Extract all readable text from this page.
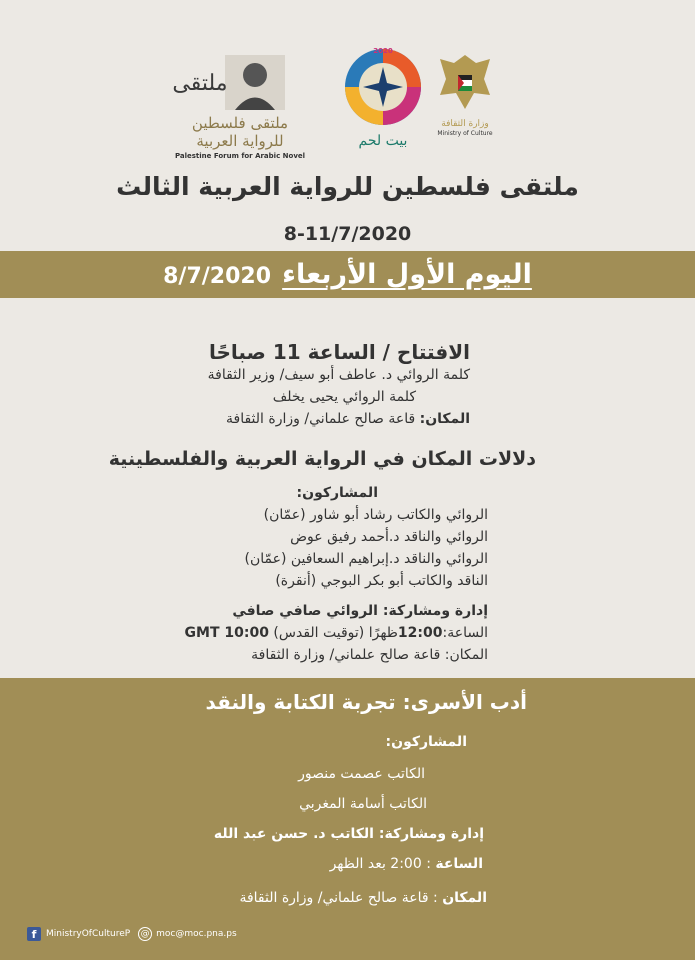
ملتقى
ملتقى فلسطين للرواية العربية
Palestine Forum for Arabic Novel
2020
بيت لحم
وزارة الثقافة
Ministry of Culture
ملتقى فلسطين للرواية العربية الثالث
8-11/7/2020
اليوم الأول الأربعاء 8/7/2020
الافتتاح / الساعة 11 صباحًا
كلمة الروائي د. عاطف أبو سيف/ وزير الثقافة
كلمة الروائي يحيى يخلف
المكان: قاعة صالح علماني/ وزارة الثقافة
دلالات المكان في الرواية العربية والفلسطينية
المشاركون:
الروائي والكاتب رشاد أبو شاور (عمّان)
الروائي والناقد د.أحمد رفيق عوض
الروائي والناقد د.إبراهيم السعافين (عمّان)
الناقد والكاتب أبو بكر البوجي (أنقرة)
إدارة ومشاركة: الروائي صافي صافي
الساعة:12:00ظهرًا (توقيت القدس) GMT 10:00
المكان: قاعة صالح علماني/ وزارة الثقافة
أدب الأسرى: تجربة الكتابة والنقد
المشاركون:
الكاتب عصمت منصور
الكاتب أسامة المغربي
إدارة ومشاركة: الكاتب د. حسن عبد الله
الساعة : 2:00 بعد الظهر
المكان : قاعة صالح علماني/ وزارة الثقافة
f	MinistryOfCultureP @ moc@moc.pna.ps
